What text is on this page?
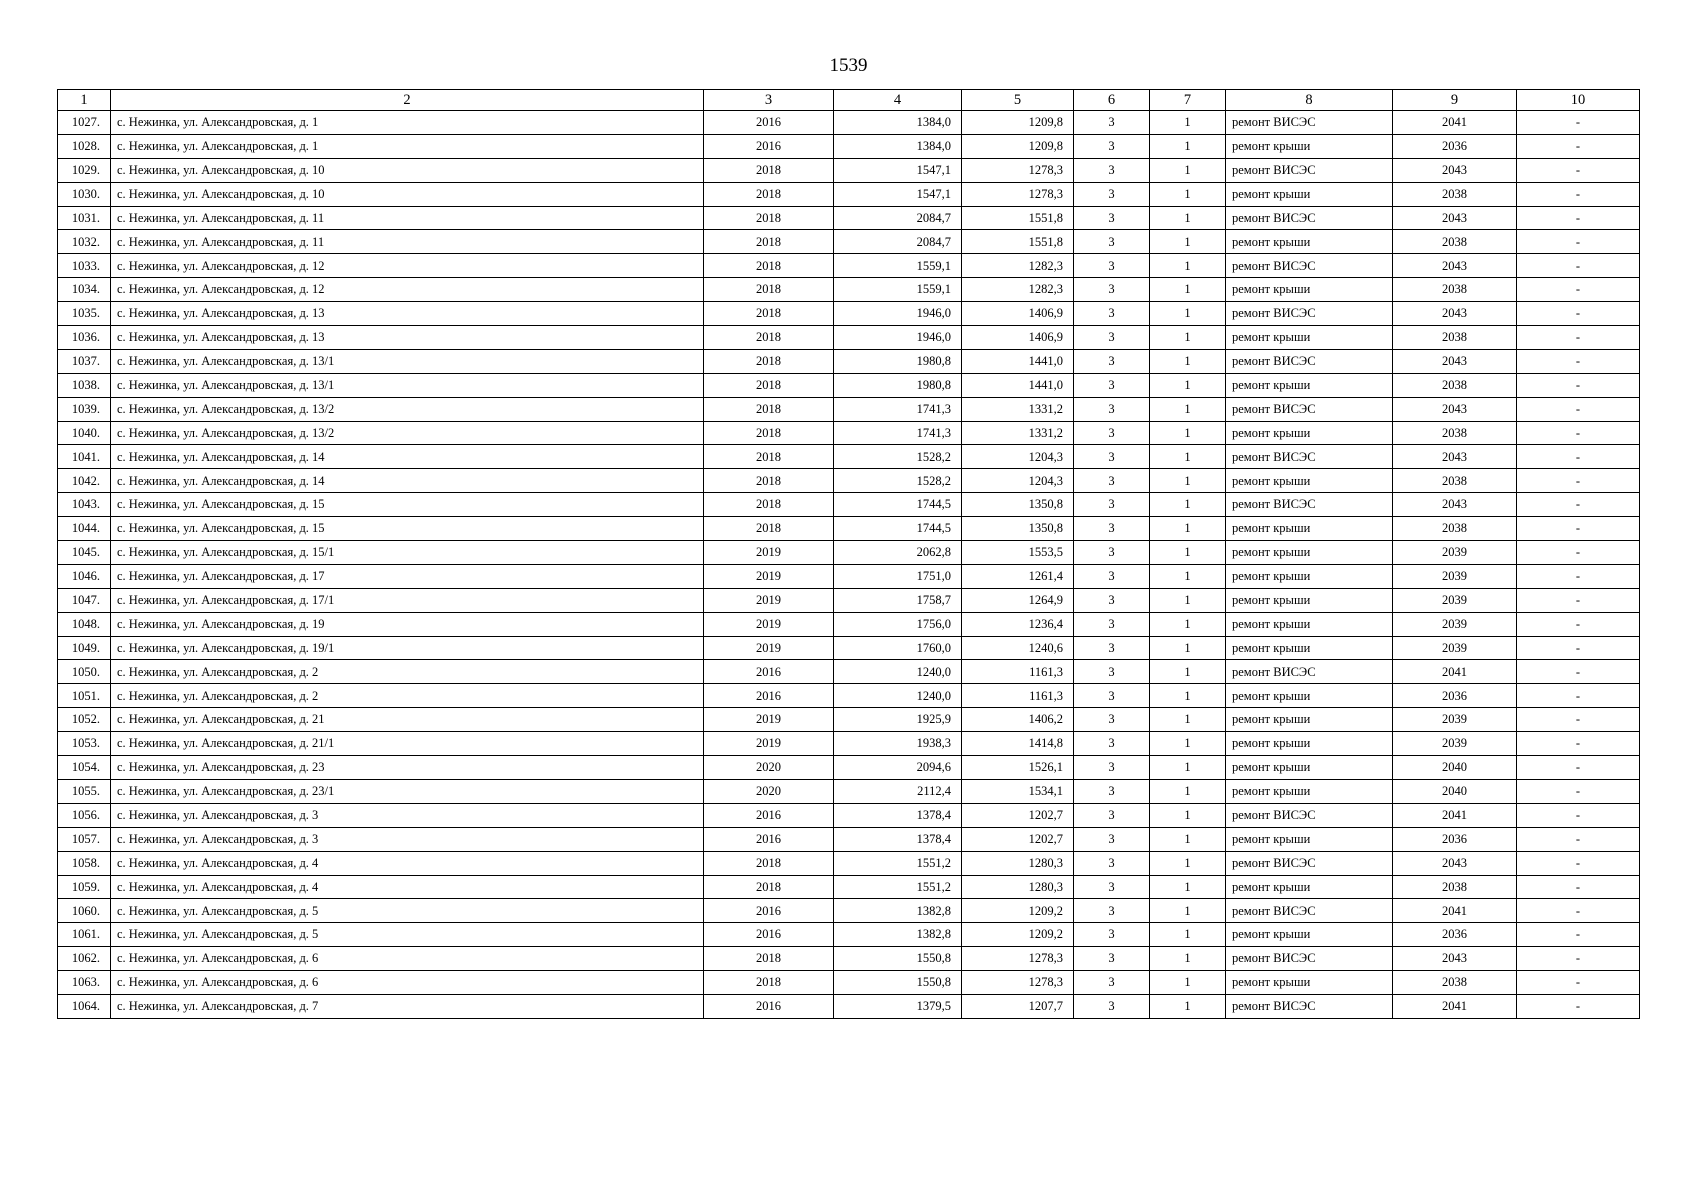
1539
1	2	3	4	5	6	7	8	9	10
1027.	с. Нежинка, ул. Александровская, д. 1	2016	1384,0	1209,8	3	1	ремонт ВИСЭС	2041	-
1028.	с. Нежинка, ул. Александровская, д. 1	2016	1384,0	1209,8	3	1	ремонт крыши	2036	-
1029.	с. Нежинка, ул. Александровская, д. 10	2018	1547,1	1278,3	3	1	ремонт ВИСЭС	2043	-
1030.	с. Нежинка, ул. Александровская, д. 10	2018	1547,1	1278,3	3	1	ремонт крыши	2038	-
1031.	с. Нежинка, ул. Александровская, д. 11	2018	2084,7	1551,8	3	1	ремонт ВИСЭС	2043	-
1032.	с. Нежинка, ул. Александровская, д. 11	2018	2084,7	1551,8	3	1	ремонт крыши	2038	-
1033.	с. Нежинка, ул. Александровская, д. 12	2018	1559,1	1282,3	3	1	ремонт ВИСЭС	2043	-
1034.	с. Нежинка, ул. Александровская, д. 12	2018	1559,1	1282,3	3	1	ремонт крыши	2038	-
1035.	с. Нежинка, ул. Александровская, д. 13	2018	1946,0	1406,9	3	1	ремонт ВИСЭС	2043	-
1036.	с. Нежинка, ул. Александровская, д. 13	2018	1946,0	1406,9	3	1	ремонт крыши	2038	-
1037.	с. Нежинка, ул. Александровская, д. 13/1	2018	1980,8	1441,0	3	1	ремонт ВИСЭС	2043	-
1038.	с. Нежинка, ул. Александровская, д. 13/1	2018	1980,8	1441,0	3	1	ремонт крыши	2038	-
1039.	с. Нежинка, ул. Александровская, д. 13/2	2018	1741,3	1331,2	3	1	ремонт ВИСЭС	2043	-
1040.	с. Нежинка, ул. Александровская, д. 13/2	2018	1741,3	1331,2	3	1	ремонт крыши	2038	-
1041.	с. Нежинка, ул. Александровская, д. 14	2018	1528,2	1204,3	3	1	ремонт ВИСЭС	2043	-
1042.	с. Нежинка, ул. Александровская, д. 14	2018	1528,2	1204,3	3	1	ремонт крыши	2038	-
1043.	с. Нежинка, ул. Александровская, д. 15	2018	1744,5	1350,8	3	1	ремонт ВИСЭС	2043	-
1044.	с. Нежинка, ул. Александровская, д. 15	2018	1744,5	1350,8	3	1	ремонт крыши	2038	-
1045.	с. Нежинка, ул. Александровская, д. 15/1	2019	2062,8	1553,5	3	1	ремонт крыши	2039	-
1046.	с. Нежинка, ул. Александровская, д. 17	2019	1751,0	1261,4	3	1	ремонт крыши	2039	-
1047.	с. Нежинка, ул. Александровская, д. 17/1	2019	1758,7	1264,9	3	1	ремонт крыши	2039	-
1048.	с. Нежинка, ул. Александровская, д. 19	2019	1756,0	1236,4	3	1	ремонт крыши	2039	-
1049.	с. Нежинка, ул. Александровская, д. 19/1	2019	1760,0	1240,6	3	1	ремонт крыши	2039	-
1050.	с. Нежинка, ул. Александровская, д. 2	2016	1240,0	1161,3	3	1	ремонт ВИСЭС	2041	-
1051.	с. Нежинка, ул. Александровская, д. 2	2016	1240,0	1161,3	3	1	ремонт крыши	2036	-
1052.	с. Нежинка, ул. Александровская, д. 21	2019	1925,9	1406,2	3	1	ремонт крыши	2039	-
1053.	с. Нежинка, ул. Александровская, д. 21/1	2019	1938,3	1414,8	3	1	ремонт крыши	2039	-
1054.	с. Нежинка, ул. Александровская, д. 23	2020	2094,6	1526,1	3	1	ремонт крыши	2040	-
1055.	с. Нежинка, ул. Александровская, д. 23/1	2020	2112,4	1534,1	3	1	ремонт крыши	2040	-
1056.	с. Нежинка, ул. Александровская, д. 3	2016	1378,4	1202,7	3	1	ремонт ВИСЭС	2041	-
1057.	с. Нежинка, ул. Александровская, д. 3	2016	1378,4	1202,7	3	1	ремонт крыши	2036	-
1058.	с. Нежинка, ул. Александровская, д. 4	2018	1551,2	1280,3	3	1	ремонт ВИСЭС	2043	-
1059.	с. Нежинка, ул. Александровская, д. 4	2018	1551,2	1280,3	3	1	ремонт крыши	2038	-
1060.	с. Нежинка, ул. Александровская, д. 5	2016	1382,8	1209,2	3	1	ремонт ВИСЭС	2041	-
1061.	с. Нежинка, ул. Александровская, д. 5	2016	1382,8	1209,2	3	1	ремонт крыши	2036	-
1062.	с. Нежинка, ул. Александровская, д. 6	2018	1550,8	1278,3	3	1	ремонт ВИСЭС	2043	-
1063.	с. Нежинка, ул. Александровская, д. 6	2018	1550,8	1278,3	3	1	ремонт крыши	2038	-
1064.	с. Нежинка, ул. Александровская, д. 7	2016	1379,5	1207,7	3	1	ремонт ВИСЭС	2041	-
